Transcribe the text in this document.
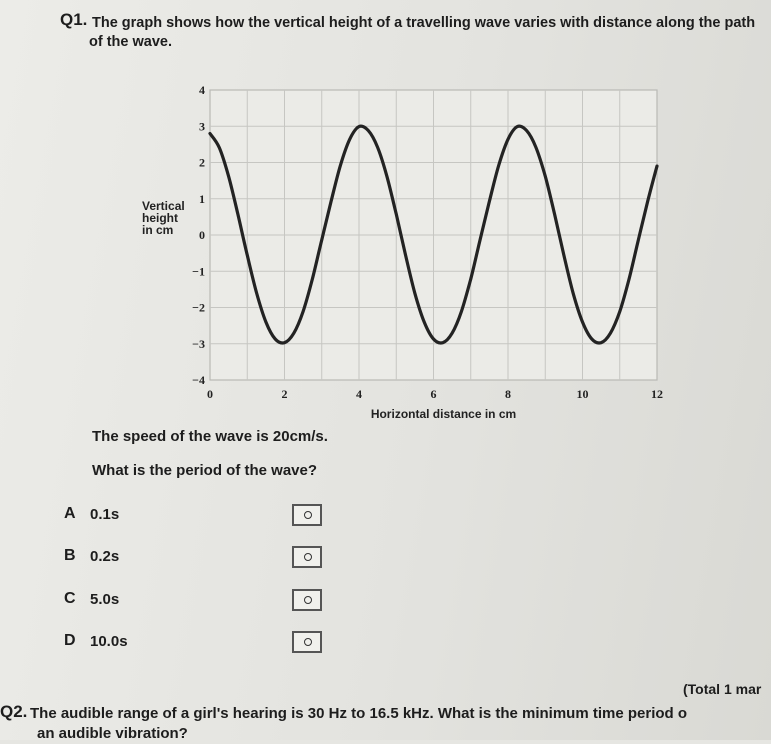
Q1. The graph shows how the vertical height of a travelling wave varies with distance along the path
of the wave.
Vertical
height
in cm
4
3
2
1
0
−1
−2
−3
−4
0	2	4	6	8	10	12
Horizontal distance in cm
The speed of the wave is 20cm/s.
What is the period of the wave?
A 0.1s
B 0.2s
C 5.0s
D 10.0s
(Total 1 mar
Q2. The audible range of a girl's hearing is 30 Hz to 16.5 kHz. What is the minimum time period o
an audible vibration?
